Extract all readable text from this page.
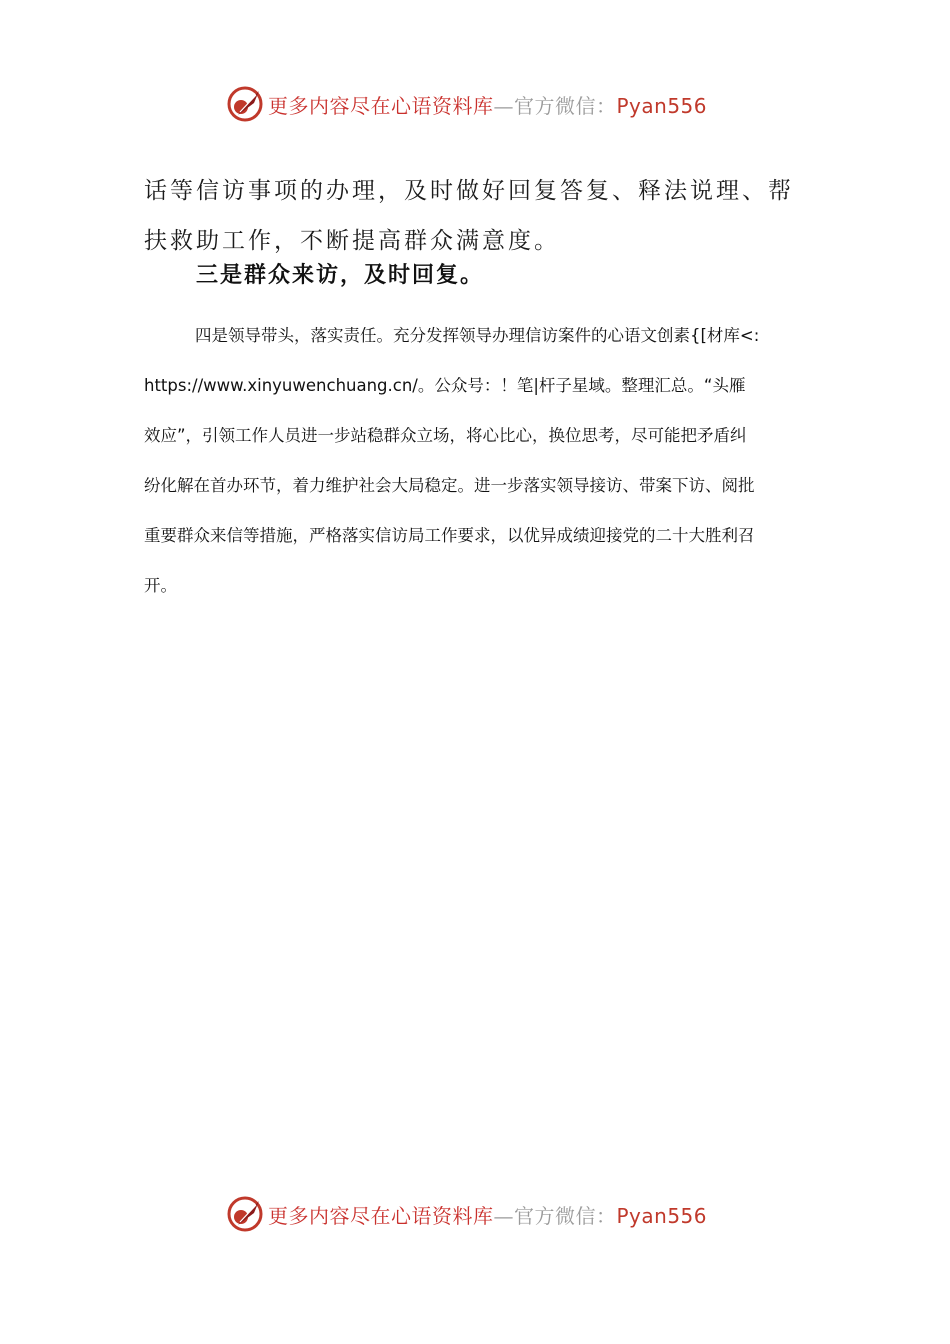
更多内容尽在心语资料库—官方微信：Pyan556

话等信访事项的办理，及时做好回复答复、释法说理、帮

扶救助工作，不断提高群众满意度。

三是群众来访，及时回复。

四是领导带头，落实责任。充分发挥领导办理信访案件的心语文创素{[材库<:

https://www.xinyuwenchuang.cn/。公众号：！笔|杆子星域。整理汇总。“头雁

效应”，引领工作人员进一步站稳群众立场，将心比心，换位思考，尽可能把矛盾纠

纷化解在首办环节，着力维护社会大局稳定。进一步落实领导接访、带案下访、阅批

重要群众来信等措施，严格落实信访局工作要求，以优异成绩迎接党的二十大胜利召

开。

更多内容尽在心语资料库—官方微信：Pyan556
